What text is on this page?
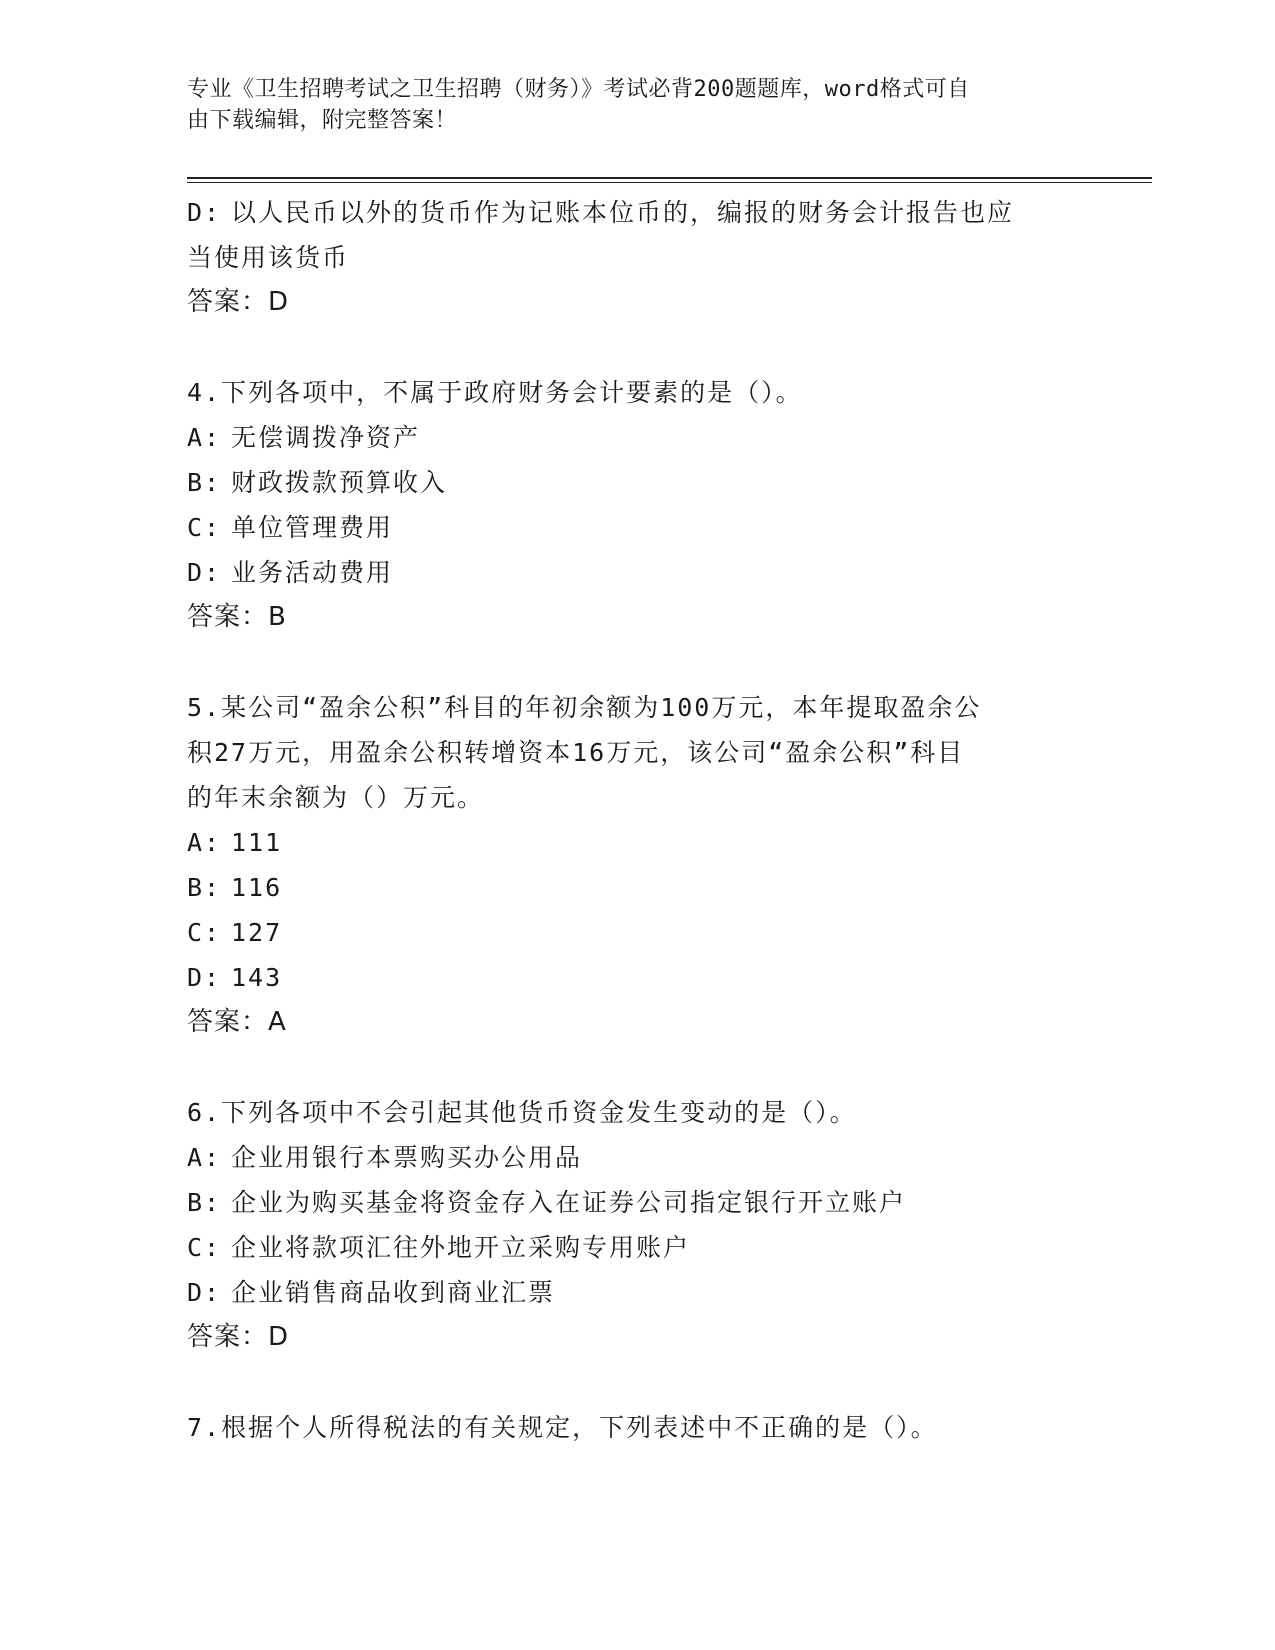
专业《卫生招聘考试之卫生招聘（财务）》考试必背200题题库，word格式可自
由下载编辑，附完整答案！
D: 以人民币以外的货币作为记账本位币的，编报的财务会计报告也应
当使用该货币
答案：D
4.下列各项中，不属于政府财务会计要素的是（）。
A: 无偿调拨净资产
B: 财政拨款预算收入
C: 单位管理费用
D: 业务活动费用
答案：B
5.某公司“盈余公积”科目的年初余额为100万元，本年提取盈余公
积27万元，用盈余公积转增资本16万元，该公司“盈余公积”科目
的年末余额为（）万元。
A: 111
B: 116
C: 127
D: 143
答案：A
6.下列各项中不会引起其他货币资金发生变动的是（）。
A: 企业用银行本票购买办公用品
B: 企业为购买基金将资金存入在证券公司指定银行开立账户
C: 企业将款项汇往外地开立采购专用账户
D: 企业销售商品收到商业汇票
答案：D
7.根据个人所得税法的有关规定，下列表述中不正确的是（）。
